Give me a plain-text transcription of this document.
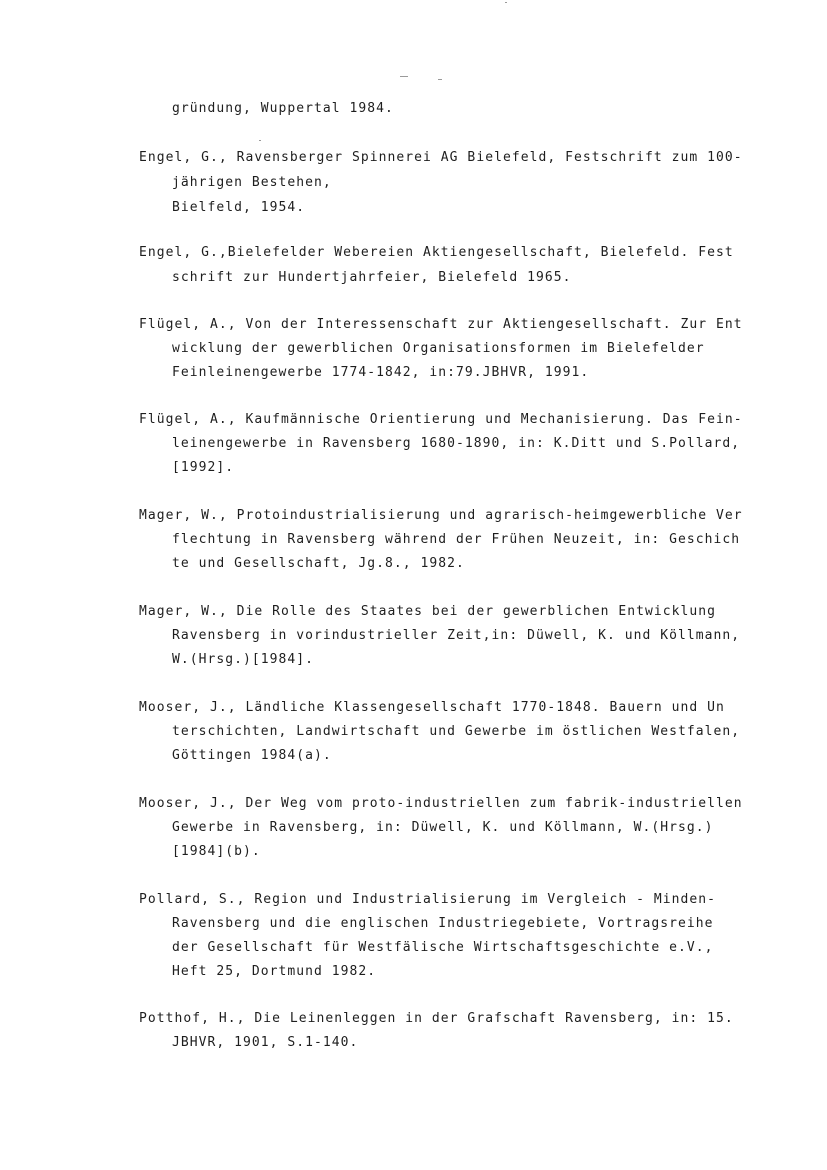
gründung, Wuppertal 1984.
Engel, G., Ravensberger Spinnerei AG Bielefeld, Festschrift zum 100-
jährigen Bestehen,
Bielfeld, 1954.
Engel, G.,Bielefelder Webereien Aktiengesellschaft, Bielefeld. Fest
schrift zur Hundertjahrfeier, Bielefeld 1965.
Flügel, A., Von der Interessenschaft zur Aktiengesellschaft. Zur Ent
wicklung der gewerblichen Organisationsformen im Bielefelder
Feinleinengewerbe 1774-1842, in:79.JBHVR, 1991.
Flügel, A., Kaufmännische Orientierung und Mechanisierung. Das Fein-
leinengewerbe in Ravensberg 1680-1890, in: K.Ditt und S.Pollard,
[1992].
Mager, W., Protoindustrialisierung und agrarisch-heimgewerbliche Ver
flechtung in Ravensberg während der Frühen Neuzeit, in: Geschich
te und Gesellschaft, Jg.8., 1982.
Mager, W., Die Rolle des Staates bei der gewerblichen Entwicklung
Ravensberg in vorindustrieller Zeit,in: Düwell, K. und Köllmann,
W.(Hrsg.)[1984].
Mooser, J., Ländliche Klassengesellschaft 1770-1848. Bauern und Un
terschichten, Landwirtschaft und Gewerbe im östlichen Westfalen,
Göttingen 1984(a).
Mooser, J., Der Weg vom proto-industriellen zum fabrik-industriellen
Gewerbe in Ravensberg, in: Düwell, K. und Köllmann, W.(Hrsg.)
[1984](b).
Pollard, S., Region und Industrialisierung im Vergleich - Minden-
Ravensberg und die englischen Industriegebiete, Vortragsreihe
der Gesellschaft für Westfälische Wirtschaftsgeschichte e.V.,
Heft 25, Dortmund 1982.
Potthof, H., Die Leinenleggen in der Grafschaft Ravensberg, in: 15.
JBHVR, 1901, S.1-140.
